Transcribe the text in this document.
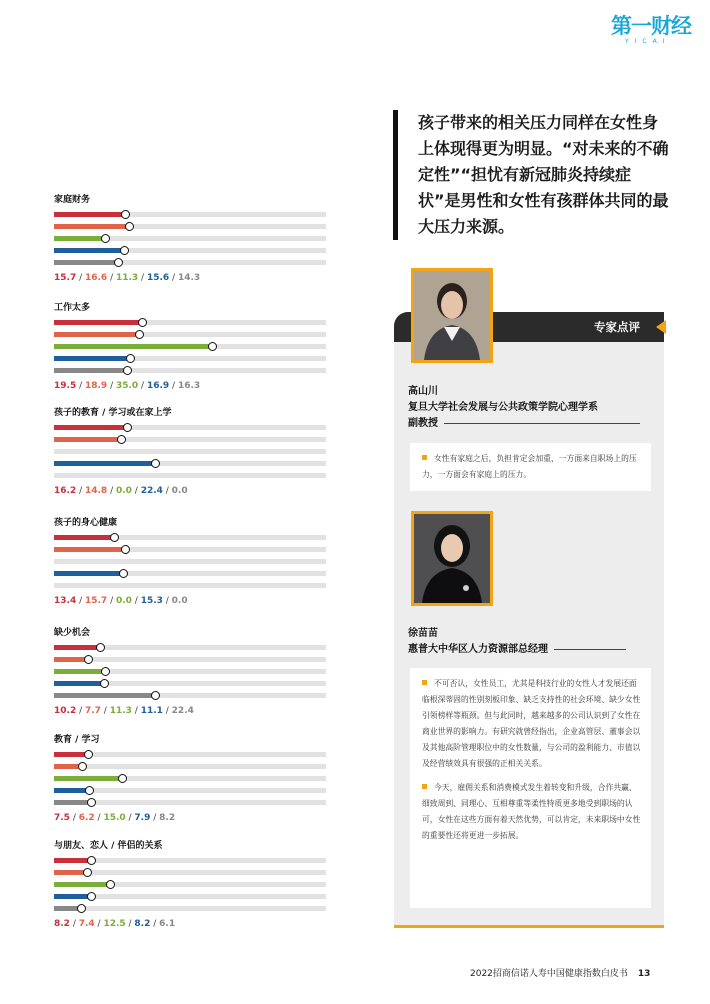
第一财经
YICAI
家庭财务
15.7 / 16.6 / 11.3 / 15.6 / 14.3
工作太多
19.5 / 18.9 / 35.0 / 16.9 / 16.3
孩子的教育 / 学习或在家上学
16.2 / 14.8 / 0.0 / 22.4 / 0.0
孩子的身心健康
13.4 / 15.7 / 0.0 / 15.3 / 0.0
缺少机会
10.2 / 7.7 / 11.3 / 11.1 / 22.4
教育 / 学习
7.5 / 6.2 / 15.0 / 7.9 / 8.2
与朋友、恋人 / 伴侣的关系
8.2 / 7.4 / 12.5 / 8.2 / 6.1
孩子带来的相关压力同样在女性身上体现得更为明显。“对未来的不确定性”“担忧有新冠肺炎持续症状”是男性和女性有孩群体共同的最大压力来源。
专家点评
高山川
复旦大学社会发展与公共政策学院心理学系
副教授

女性有家庭之后，负担肯定会加重，一方面来自职场上的压力，一方面会有家庭上的压力。

徐苗苗
惠普大中华区人力资源部总经理

不可否认，女性员工，尤其是科技行业的女性人才发展还面临根深蒂固的性别刻板印象、缺乏支持性的社会环境、缺少女性引领榜样等瓶颈。但与此同时，越来越多的公司认识到了女性在商业世界的影响力。有研究就曾经指出，企业高管层、董事会以及其他高阶管理职位中的女性数量，与公司的盈利能力、市值以及经营绩效具有很强的正相关关系。

今天，雇佣关系和消费模式发生着转变和升级，合作共赢、细致周到、同理心、互相尊重等柔性特质更多地受到职场的认可，女性在这些方面有着天然优势，可以肯定，未来职场中女性的重要性还将更进一步拓展。

2022招商信诺人寿中国健康指数白皮书 13
